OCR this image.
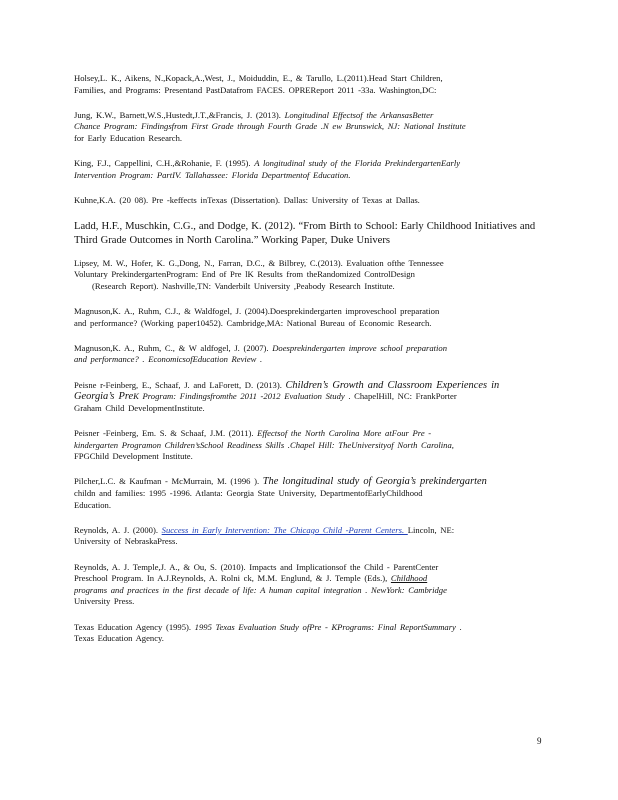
Holsey,L. K., Aikens, N.,Kopack,A.,West, J., Moiduddin, E., & Tarullo, L.(2011).Head Start Children,
Families, and Programs: Presentand PastDatafrom FACES. OPREReport 2011 -33a. Washington,DC:
Jung, K.W., Barnett,W.S.,Hustedt,J.T.,&Francis, J. (2013). Longitudinal Effectsof the ArkansasBetter
Chance Program: Findingsfrom First Grade through Fourth Grade .N ew Brunswick, NJ: National Institute
for Early Education Research.
King, F.J., Cappellini, C.H.,&Rohanie, F. (1995). A longitudinal study of the Florida PrekindergartenEarly
Intervention Program: PartIV. Tallahassee: Florida Departmentof Education.
Kuhne,K.A. (20 08). Pre -keffects inTexas (Dissertation). Dallas: University of Texas at Dallas.
Ladd, H.F., Muschkin, C.G., and Dodge, K. (2012). “From Birth to School: Early Childhood Initiatives and
Third Grade Outcomes in North Carolina.” Working Paper, Duke Univers
Lipsey, M. W., Hofer, K. G.,Dong, N., Farran, D.C., & Bilbrey, C.(2013). Evaluation ofthe Tennessee
Voluntary PrekindergartenProgram: End of Pre lK Results from theRandomized ControlDesign
(Research Report). Nashville,TN: Vanderbilt University ,Peabody Research Institute.
Magnuson,K. A., Ruhm, C.J., & Waldfogel, J. (2004).Doesprekindergarten improveschool preparation
and performance? (Working paper10452). Cambridge,MA: National Bureau of Economic Research.
Magnuson,K. A., Ruhm, C., & W aldfogel, J. (2007). Doesprekindergarten improve school preparation
and performance? . EconomicsofEducation Review .
Peisne r-Feinberg, E., Schaaf, J. and LaForett, D. (2013). Children’s Growth and Classroom Experiences in
Georgia’s PreK Program: Findingsfromthe 2011 -2012 Evaluation Study . ChapelHill, NC: FrankPorter
Graham Child DevelopmentInstitute.
Peisner -Feinberg, Em. S. & Schaaf, J.M. (2011). Effectsof the North Carolina More atFour Pre -
kindergarten Programon Children’sSchool Readiness Skills .Chapel Hill: TheUniversityof North Carolina,
FPGChild Development Institute.
Pilcher,L.C. & Kaufman - McMurrain, M. (1996 ). The longitudinal study of Georgia’s prekindergarten
childn and families: 1995 -1996. Atlanta: Georgia State University, DepartmentofEarlyChildhood
Education.
Reynolds, A. J. (2000). Success in Early Intervention: The Chicago Child -Parent Centers. Lincoln, NE:
University of NebraskaPress.
Reynolds, A. J. Temple,J. A., & Ou, S. (2010). Impacts and Implicationsof the Child - ParentCenter
Preschool Program. In A.J.Reynolds, A. Rolni ck, M.M. Englund, & J. Temple (Eds.), Childhood
programs and practices in the first decade of life: A human capital integration . NewYork: Cambridge
University Press.
Texas Education Agency (1995). 1995 Texas Evaluation Study ofPre - KPrograms: Final ReportSummary .
Texas Education Agency.
9
